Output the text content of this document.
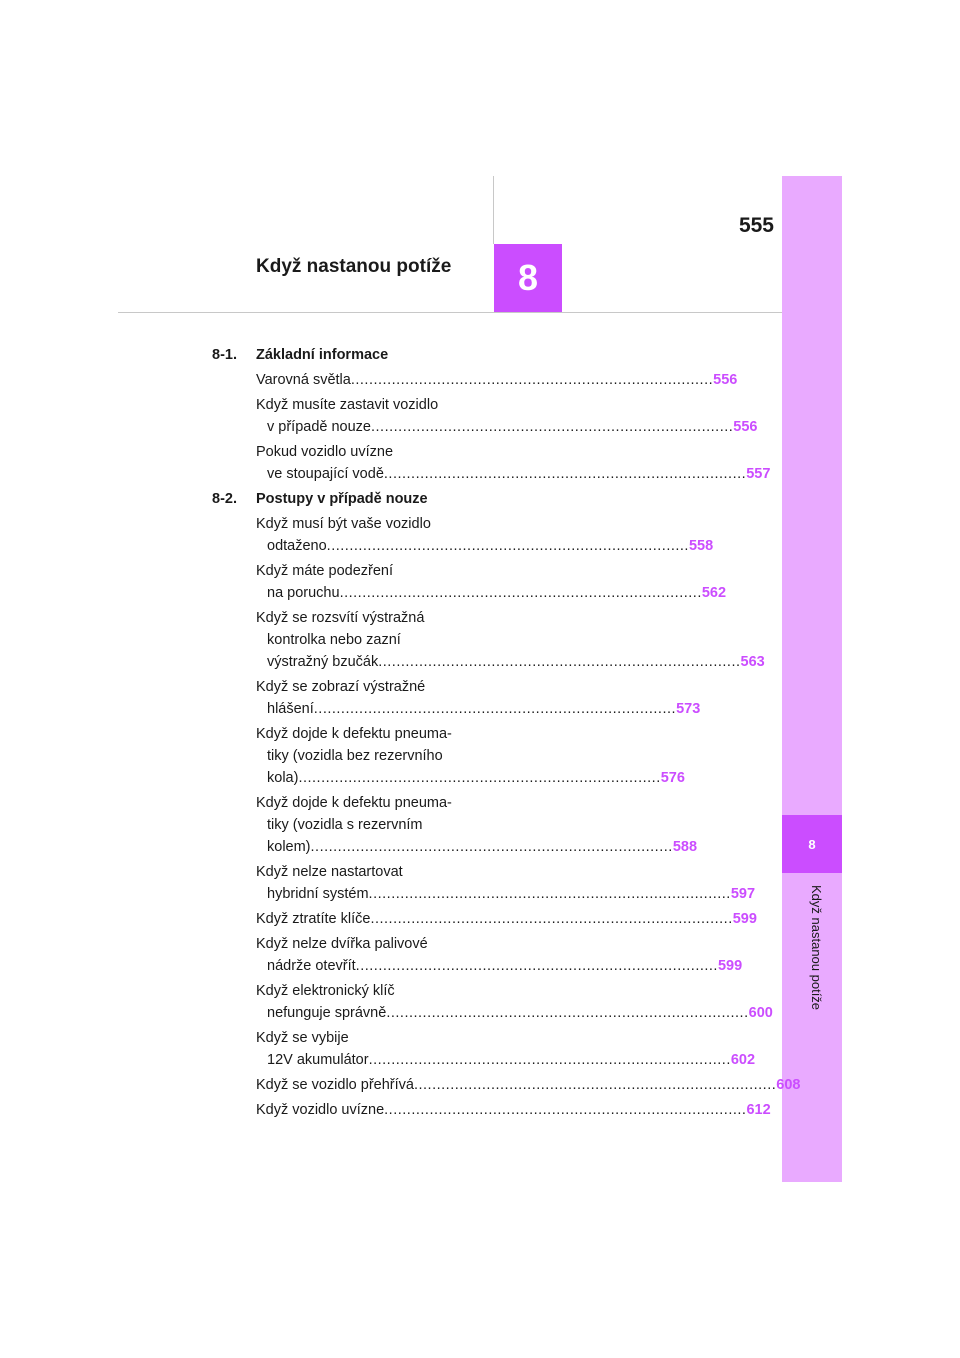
555
Když nastanou potíže	8
8
Když nastanou potíže
8-1.	Základní informace
Varovná světla ................................................................................ 556
Když musíte zastavit vozidlo
v případě nouze ................................................................................ 556
Pokud vozidlo uvízne
ve stoupající vodě ................................................................................ 557
8-2.	Postupy v případě nouze
Když musí být vaše vozidlo
odtaženo ................................................................................ 558
Když máte podezření
na poruchu ................................................................................ 562
Když se rozsvítí výstražná
kontrolka nebo zazní
výstražný bzučák ................................................................................ 563
Když se zobrazí výstražné
hlášení ................................................................................ 573
Když dojde k defektu pneuma-
tiky (vozidla bez rezervního
kola) ................................................................................ 576
Když dojde k defektu pneuma-
tiky (vozidla s rezervním
kolem) ................................................................................ 588
Když nelze nastartovat
hybridní systém ................................................................................ 597
Když ztratíte klíče ................................................................................ 599
Když nelze dvířka palivové
nádrže otevřít ................................................................................ 599
Když elektronický klíč
nefunguje správně ................................................................................ 600
Když se vybije
12V akumulátor ................................................................................ 602
Když se vozidlo přehřívá ................................................................................ 608
Když vozidlo uvízne ................................................................................ 612
